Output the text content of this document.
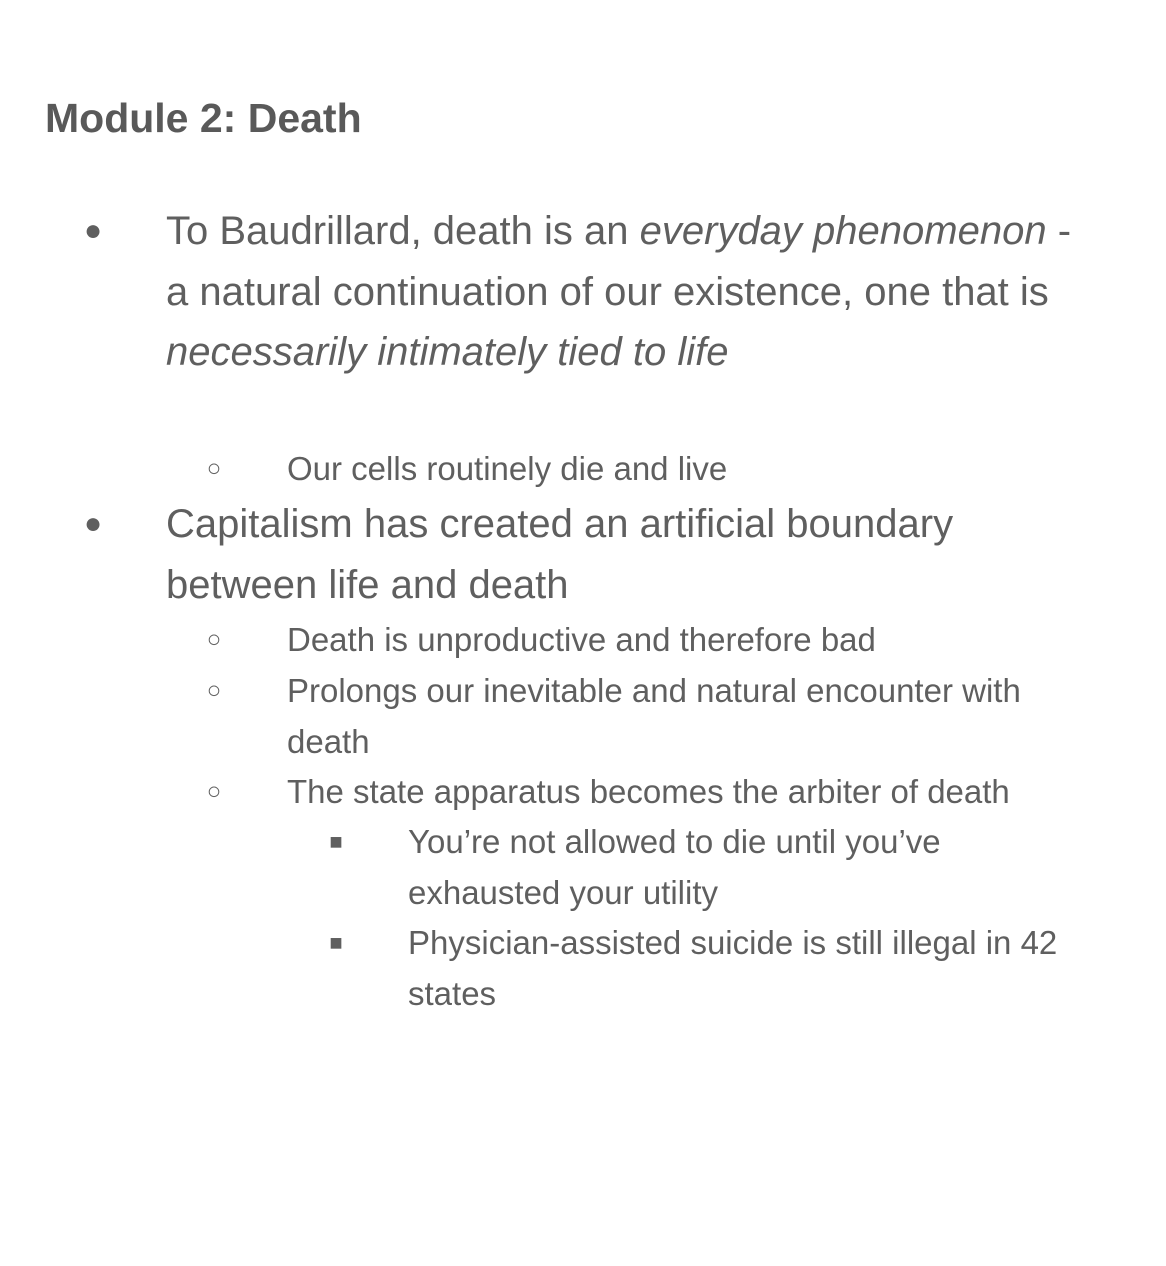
Module 2: Death
●	To Baudrillard, death is an everyday phenomenon - a natural continuation of our existence, one that is necessarily intimately tied to life
○	Our cells routinely die and live
●	Capitalism has created an artificial boundary between life and death
○	Death is unproductive and therefore bad
○	Prolongs our inevitable and natural encounter with death
○	The state apparatus becomes the arbiter of death
■	You’re not allowed to die until you’ve exhausted your utility
■	Physician-assisted suicide is still illegal in 42 states
